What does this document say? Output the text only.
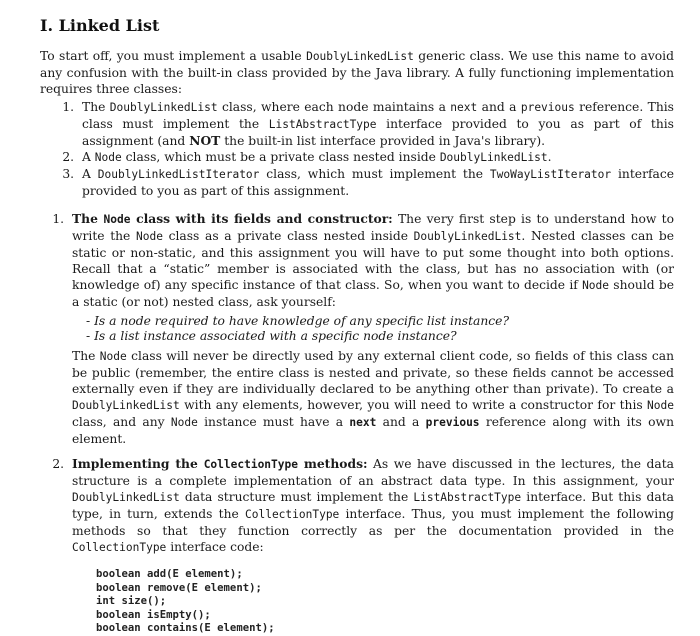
I. Linked List

To start off, you must implement a usable DoublyLinkedList generic class. We use this name to avoid any confusion with the built-in class provided by the Java library. A fully functioning implementation requires three classes:

1. The DoublyLinkedList class, where each node maintains a next and a previous reference. This class must implement the ListAbstractType interface provided to you as part of this assignment (and NOT the built-in list interface provided in Java's library).
2. A Node class, which must be a private class nested inside DoublyLinkedList.
3. A DoublyLinkedListIterator class, which must implement the TwoWayListIterator interface provided to you as part of this assignment.

1. The Node class with its fields and constructor: The very first step is to understand how to write the Node class as a private class nested inside DoublyLinkedList. Nested classes can be static or non-static, and this assignment you will have to put some thought into both options. Recall that a “static” member is associated with the class, but has no association with (or knowledge of) any specific instance of that class. So, when you want to decide if Node should be a static (or not) nested class, ask yourself:

- Is a node required to have knowledge of any specific list instance?
- Is a list instance associated with a specific node instance?

The Node class will never be directly used by any external client code, so fields of this class can be public (remember, the entire class is nested and private, so these fields cannot be accessed externally even if they are individually declared to be anything other than private). To create a DoublyLinkedList with any elements, however, you will need to write a constructor for this Node class, and any Node instance must have a next and a previous reference along with its own element.

2. Implementing the CollectionType methods: As we have discussed in the lectures, the data structure is a complete implementation of an abstract data type. In this assignment, your DoublyLinkedList data structure must implement the ListAbstractType interface. But this data type, in turn, extends the CollectionType interface. Thus, you must implement the following methods so that they function correctly as per the documentation provided in the CollectionType interface code:

boolean add(E element);
boolean remove(E element);
int size();
boolean isEmpty();
boolean contains(E element);
